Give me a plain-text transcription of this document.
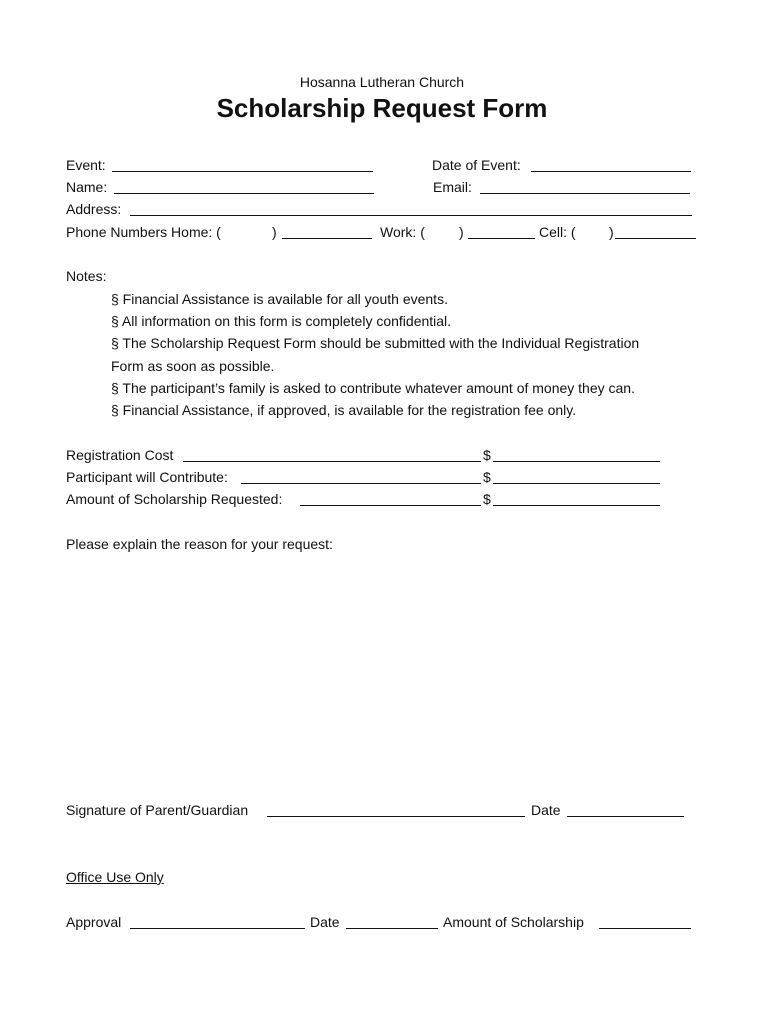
Hosanna Lutheran Church
Scholarship Request Form
Event:	Date of Event:
Name:	Email:
Address:
Phone Numbers Home: (	)	Work: ( )	Cell: ( )
Notes:
§ Financial Assistance is available for all youth events.
§ All information on this form is completely confidential.
§ The Scholarship Request Form should be submitted with the Individual Registration
Form as soon as possible.
§ The participant’s family is asked to contribute whatever amount of money they can.
§ Financial Assistance, if approved, is available for the registration fee only.
Registration Cost	$
Participant will Contribute:	$
Amount of Scholarship Requested:	$
Please explain the reason for your request:
Signature of Parent/Guardian	Date
Office Use Only
Approval	Date	Amount of Scholarship
